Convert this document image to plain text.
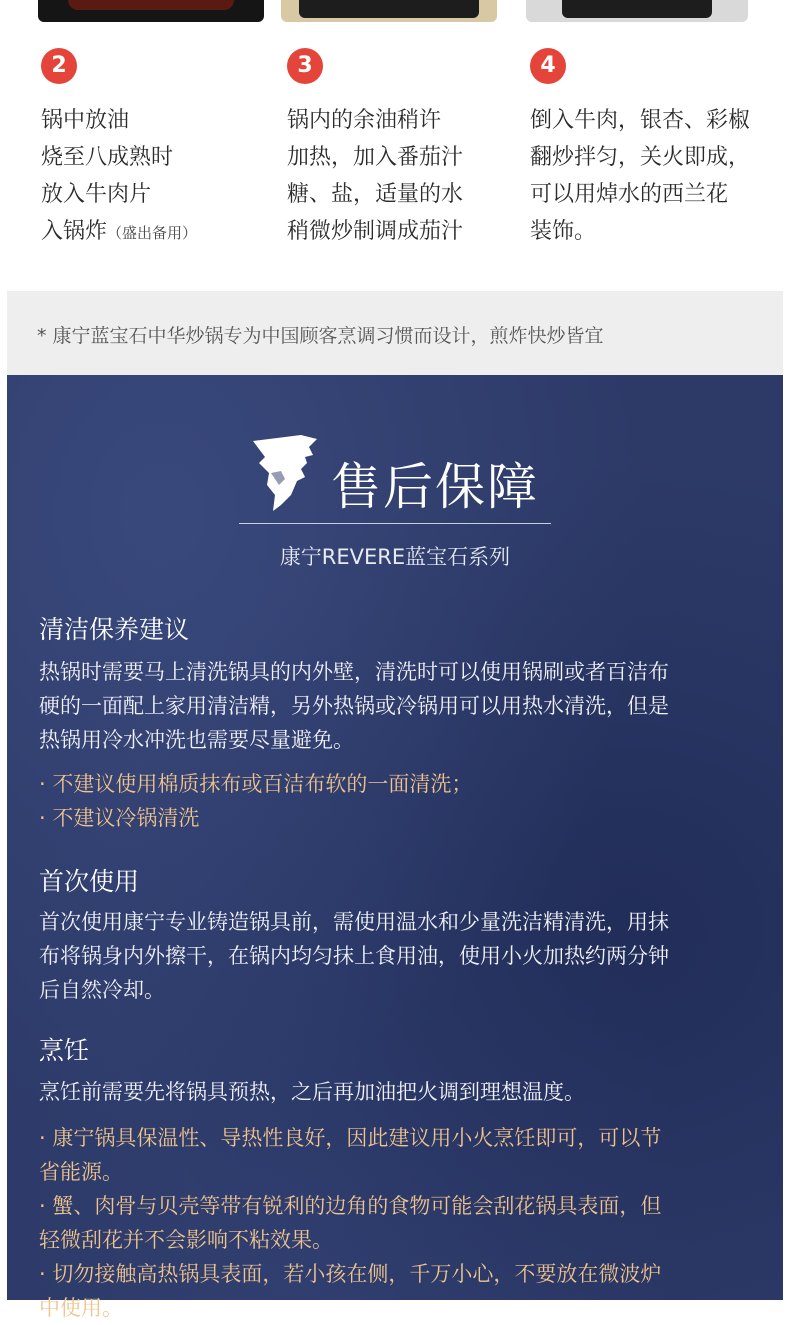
2
锅中放油
烧至八成熟时
放入牛肉片
入锅炸（盛出备用）
3
锅内的余油稍许
加热，加入番茄汁
糖、盐，适量的水
稍微炒制调成茄汁
4
倒入牛肉，银杏、彩椒
翻炒拌匀，关火即成，
可以用焯水的西兰花
装饰。
* 康宁蓝宝石中华炒锅专为中国顾客烹调习惯而设计，煎炸快炒皆宜
售后保障
康宁REVERE蓝宝石系列
清洁保养建议
热锅时需要马上清洗锅具的内外壁，清洗时可以使用锅刷或者百洁布
硬的一面配上家用清洁精，另外热锅或冷锅用可以用热水清洗，但是
热锅用冷水冲洗也需要尽量避免。
· 不建议使用棉质抹布或百洁布软的一面清洗；
· 不建议冷锅清洗
首次使用
首次使用康宁专业铸造锅具前，需使用温水和少量洗洁精清洗，用抹
布将锅身内外擦干，在锅内均匀抹上食用油，使用小火加热约两分钟
后自然冷却。
烹饪
烹饪前需要先将锅具预热，之后再加油把火调到理想温度。
· 康宁锅具保温性、导热性良好，因此建议用小火烹饪即可，可以节
省能源。
· 蟹、肉骨与贝壳等带有锐利的边角的食物可能会刮花锅具表面，但
轻微刮花并不会影响不粘效果。
· 切勿接触高热锅具表面，若小孩在侧，千万小心，不要放在微波炉
中使用。
